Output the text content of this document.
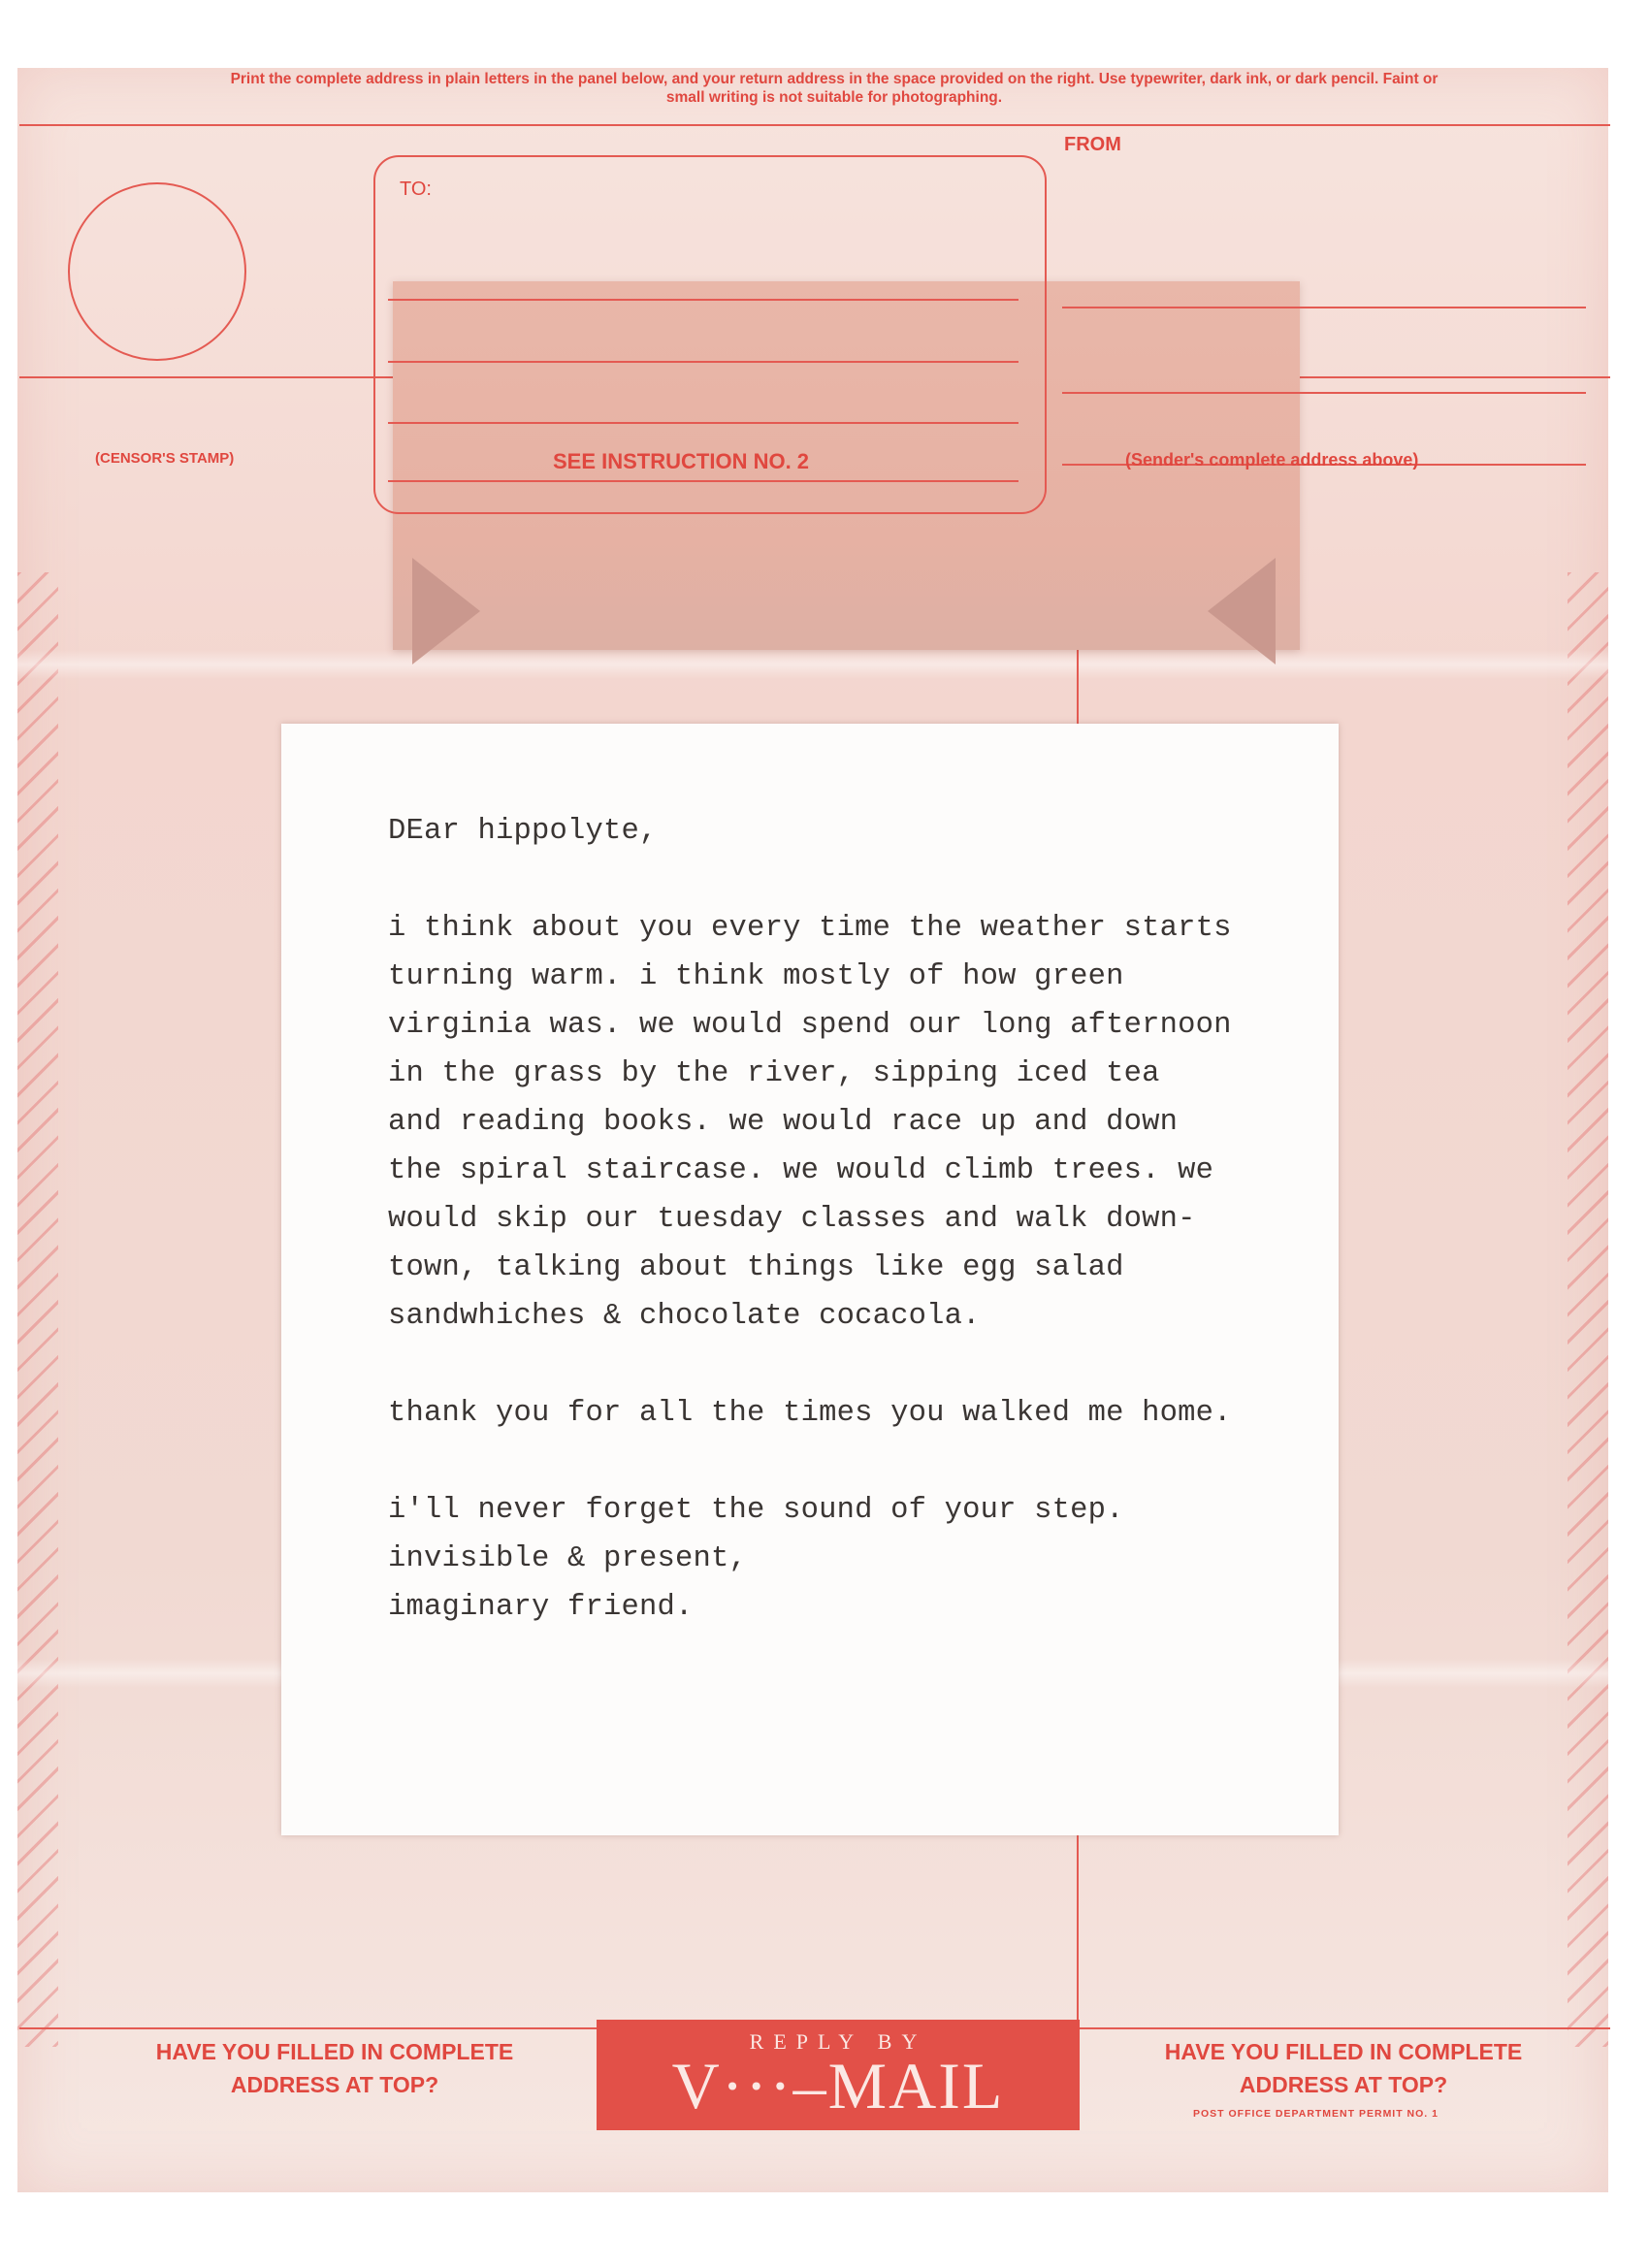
Print the complete address in plain letters in the panel below, and your return address in the space provided on the right. Use typewriter, dark ink, or dark pencil. Faint or small writing is not suitable for photographing.
(CENSOR'S STAMP)
TO:
SEE INSTRUCTION NO. 2
FROM
(Sender's complete address above)
DEar hippolyte,
i think about you every time the weather starts
turning warm. i think mostly of how green
virginia was. we would spend our long afternoon
in the grass by the river, sipping iced tea
and reading books. we would race up and down
the spiral staircase. we would climb trees. we
would skip our tuesday classes and walk down-
town, talking about things like egg salad
sandwhiches & chocolate cocacola.
thank you for all the times you walked me home.
i'll never forget the sound of your step.
invisible & present,
imaginary friend.
HAVE YOU FILLED IN COMPLETE
ADDRESS AT TOP?
REPLY BY
V···–MAIL	HAVE YOU FILLED IN COMPLETE
ADDRESS AT TOP?
POST OFFICE DEPARTMENT PERMIT NO. 1
